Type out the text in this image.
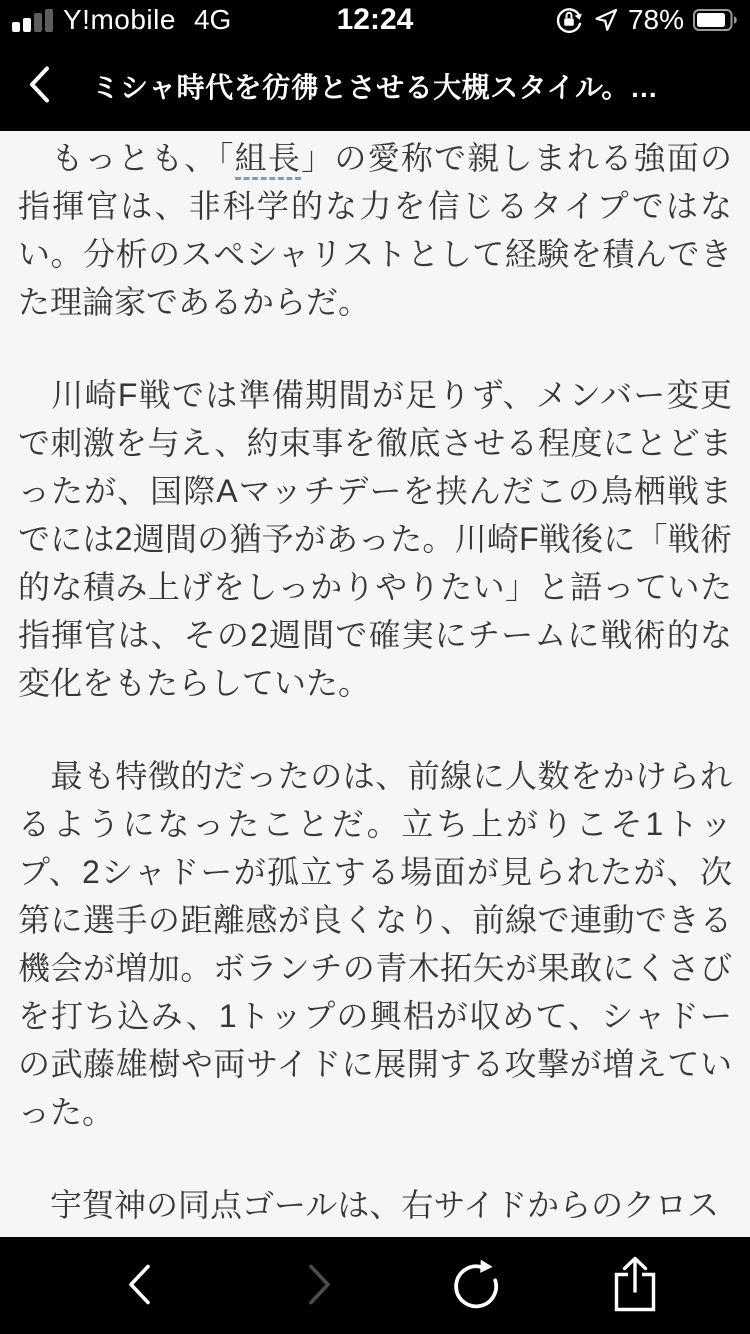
Y!mobile 4G	12:24	78%
ミシャ時代を彷彿とさせる大槻スタイル。…

　もっとも、「組長」の愛称で親しまれる強面の指揮官は、非科学的な力を信じるタイプではない。分析のスペシャリストとして経験を積んできた理論家であるからだ。

　川崎F戦では準備期間が足りず、メンバー変更で刺激を与え、約束事を徹底させる程度にとどまったが、国際Aマッチデーを挟んだこの鳥栖戦までには2週間の猶予があった。川崎F戦後に「戦術的な積み上げをしっかりやりたい」と語っていた指揮官は、その2週間で確実にチームに戦術的な変化をもたらしていた。

　最も特徴的だったのは、前線に人数をかけられるようになったことだ。立ち上がりこそ1トップ、2シャドーが孤立する場面が見られたが、次第に選手の距離感が良くなり、前線で連動できる機会が増加。ボランチの青木拓矢が果敢にくさびを打ち込み、1トップの興梠が収めて、シャドーの武藤雄樹や両サイドに展開する攻撃が増えていった。

　宇賀神の同点ゴールは、右サイドからのクロス
